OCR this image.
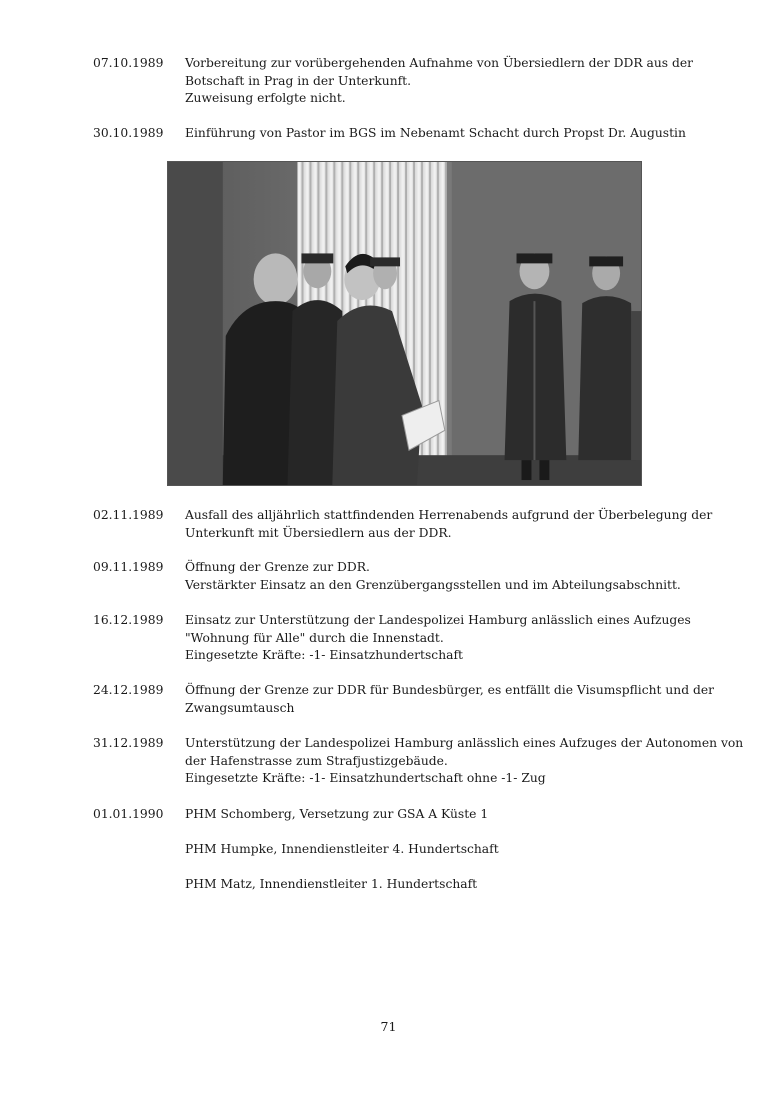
07.10.1989	Vorbereitung zur vorübergehenden Aufnahme von Übersiedlern der DDR aus der
Botschaft in Prag in der Unterkunft.
Zuweisung erfolgte nicht.
30.10.1989	Einführung von Pastor im BGS im Nebenamt Schacht durch Propst Dr. Augustin
02.11.1989	Ausfall des alljährlich stattfindenden Herrenabends aufgrund der Überbelegung der
Unterkunft mit Übersiedlern aus der DDR.
09.11.1989	Öffnung der Grenze zur DDR.
Verstärkter Einsatz an den Grenzübergangsstellen und im Abteilungsabschnitt.
16.12.1989	Einsatz zur Unterstützung der Landespolizei Hamburg anlässlich eines Aufzuges
"Wohnung für Alle" durch die Innenstadt.
Eingesetzte Kräfte: -1- Einsatzhundertschaft
24.12.1989	Öffnung der Grenze zur DDR für Bundesbürger, es entfällt die Visumspflicht und der
Zwangsumtausch
31.12.1989	Unterstützung der Landespolizei Hamburg anlässlich eines Aufzuges der Autonomen von
der Hafenstrasse zum Strafjustizgebäude.
Eingesetzte Kräfte: -1- Einsatzhundertschaft ohne -1- Zug
01.01.1990	PHM Schomberg, Versetzung zur GSA A Küste 1
PHM Humpke, Innendienstleiter 4. Hundertschaft
PHM Matz, Innendienstleiter 1. Hundertschaft
71
